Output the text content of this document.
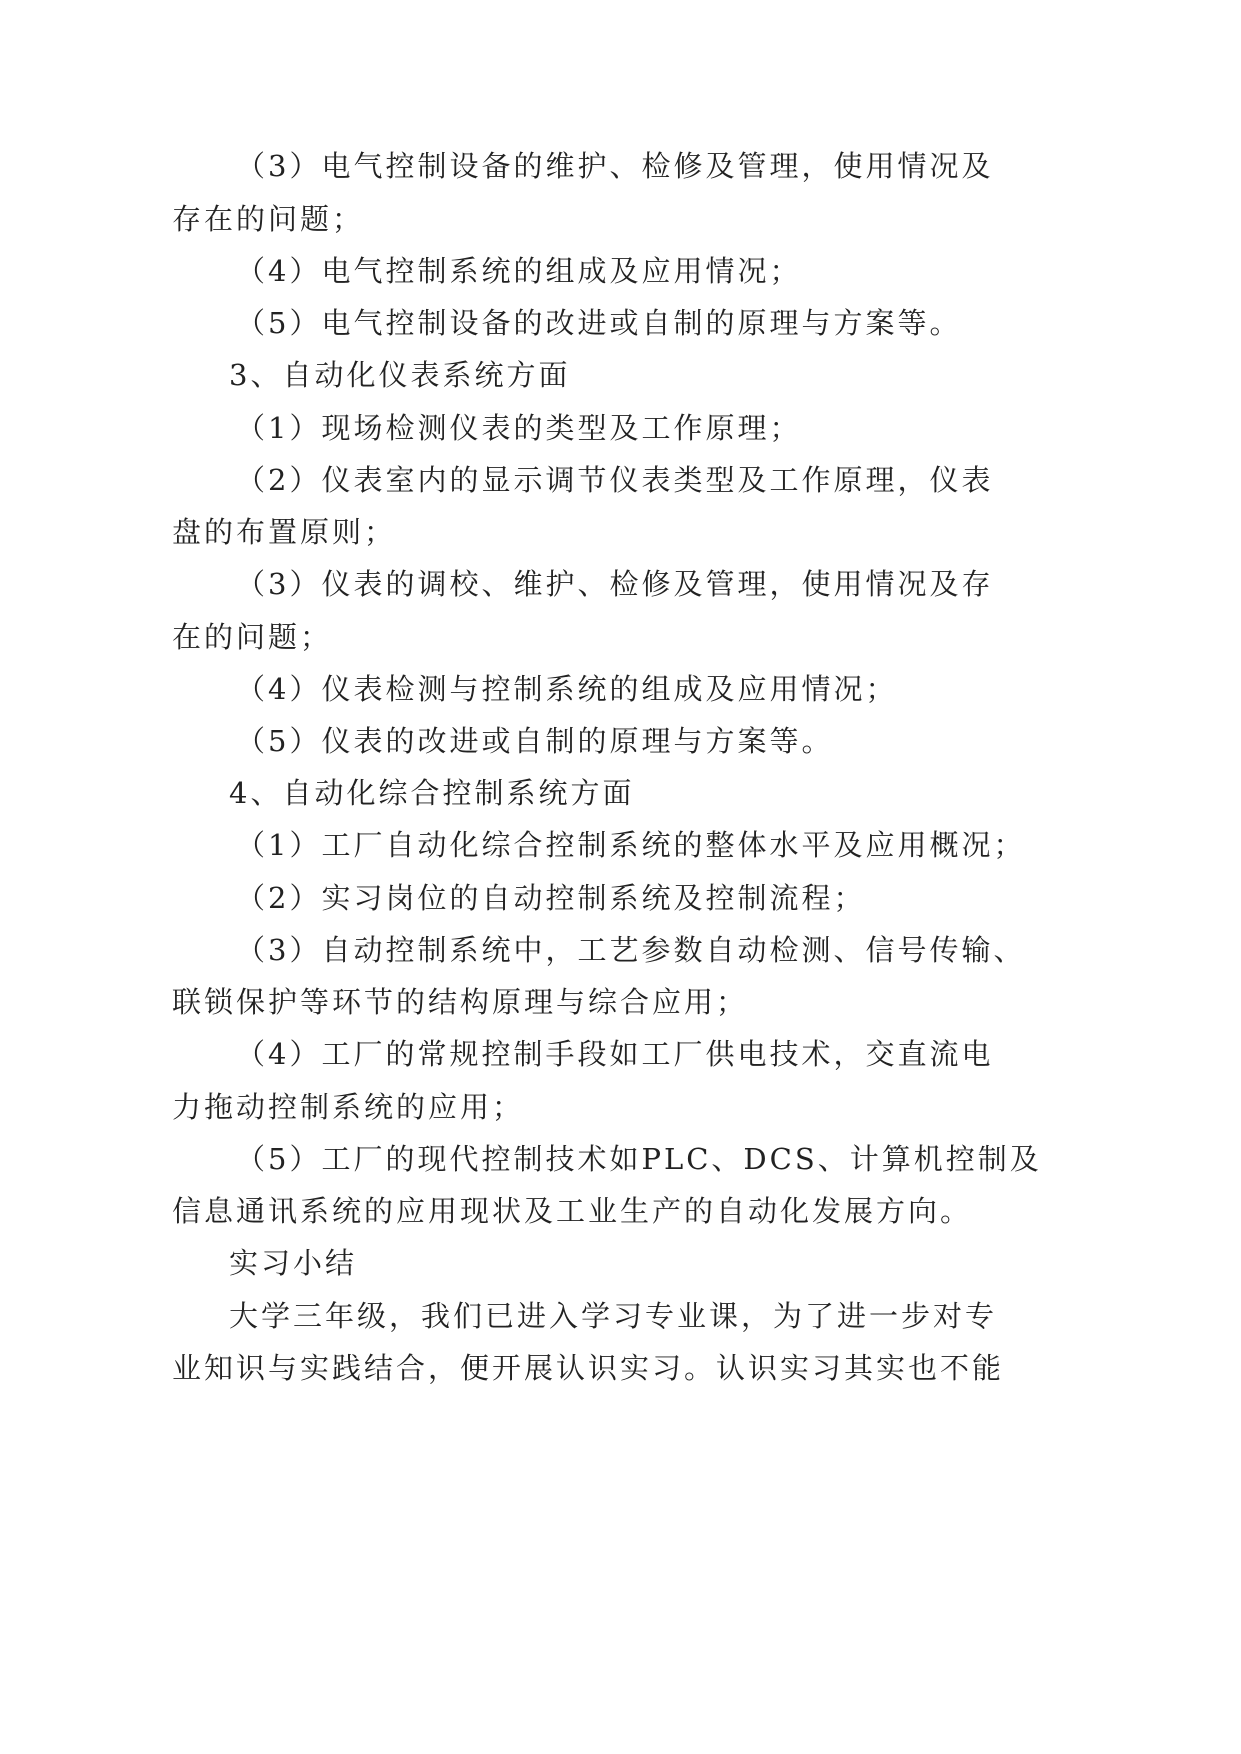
（3）电气控制设备的维护、检修及管理，使用情况及
存在的问题；
（4）电气控制系统的组成及应用情况；
（5）电气控制设备的改进或自制的原理与方案等。
3、自动化仪表系统方面
（1）现场检测仪表的类型及工作原理；
（2）仪表室内的显示调节仪表类型及工作原理，仪表
盘的布置原则；
（3）仪表的调校、维护、检修及管理，使用情况及存
在的问题；
（4）仪表检测与控制系统的组成及应用情况；
（5）仪表的改进或自制的原理与方案等。
4、自动化综合控制系统方面
（1）工厂自动化综合控制系统的整体水平及应用概况；
（2）实习岗位的自动控制系统及控制流程；
（3）自动控制系统中，工艺参数自动检测、信号传输、
联锁保护等环节的结构原理与综合应用；
（4）工厂的常规控制手段如工厂供电技术，交直流电
力拖动控制系统的应用；
（5）工厂的现代控制技术如PLC、DCS、计算机控制及
信息通讯系统的应用现状及工业生产的自动化发展方向。
实习小结
大学三年级，我们已进入学习专业课，为了进一步对专
业知识与实践结合，便开展认识实习。认识实习其实也不能
